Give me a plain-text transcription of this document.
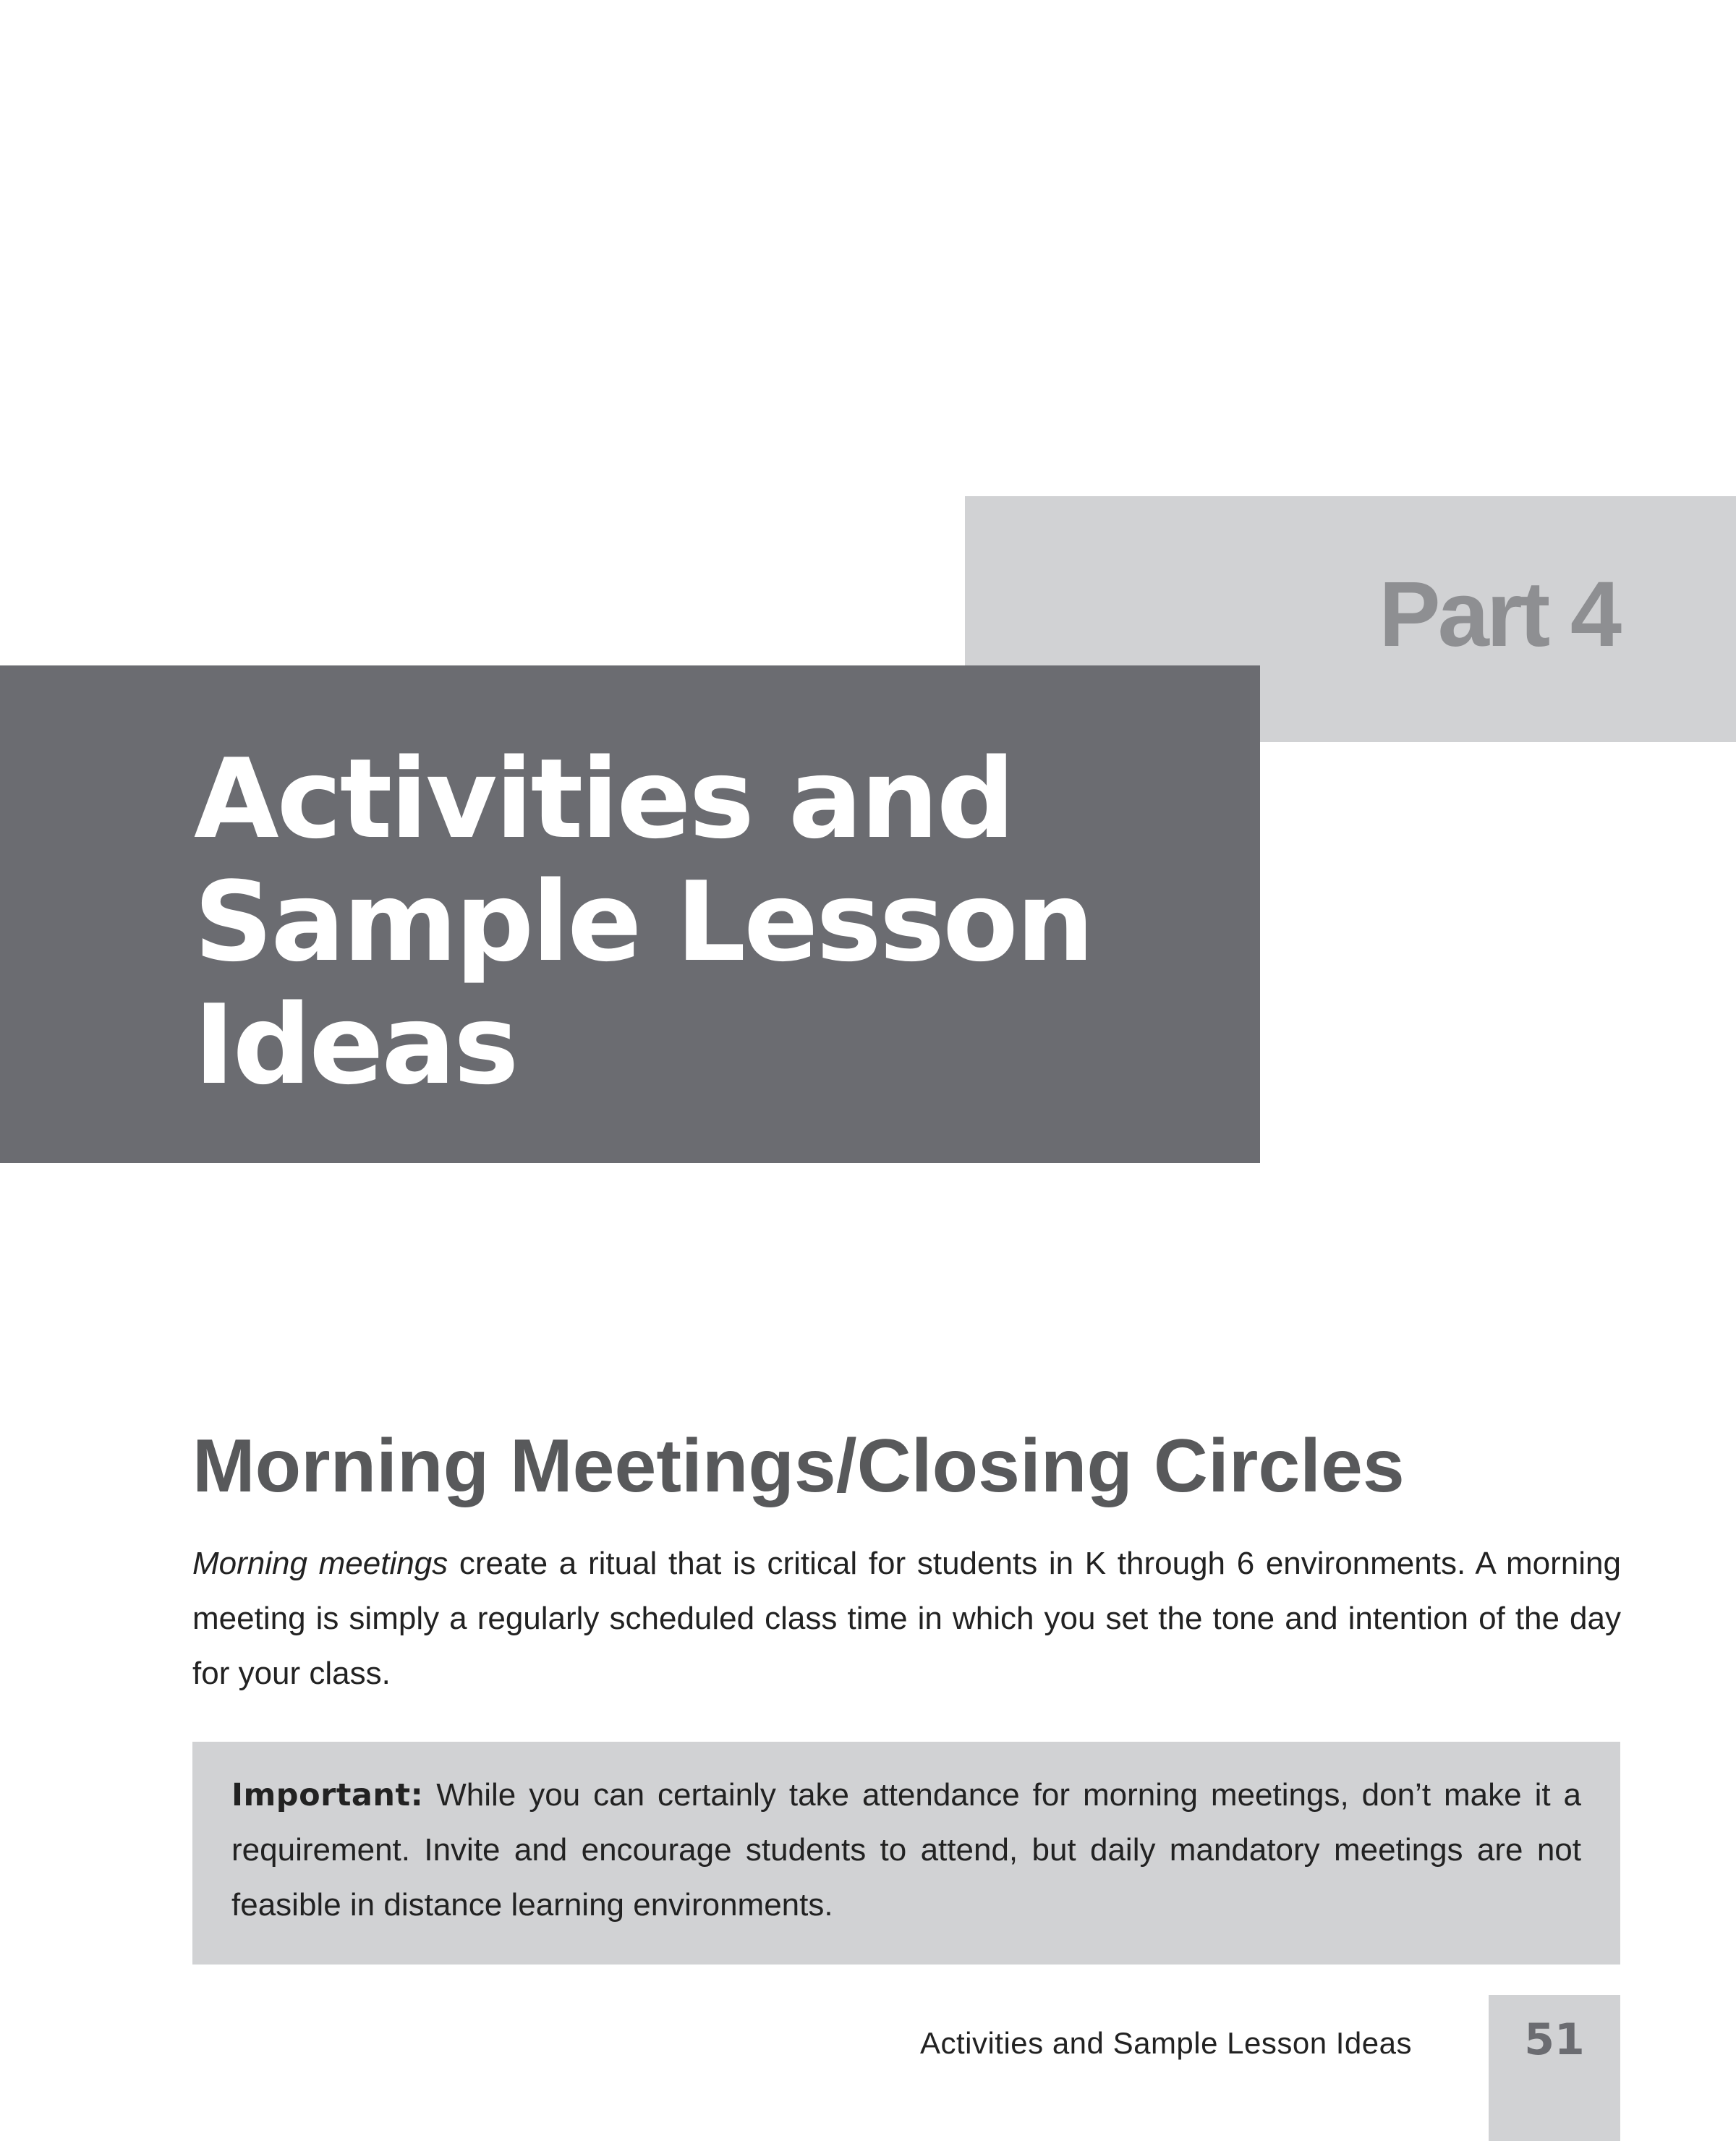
Part 4
Activities and
Sample Lesson
Ideas
Morning Meetings/Closing Circles

Morning meetings create a ritual that is critical for students in K through 6 environments. A morning meeting is simply a regularly scheduled class time in which you set the tone and intention of the day for your class.

Important: While you can certainly take attendance for morning meetings, don’t make it a requirement. Invite and encourage students to attend, but daily mandatory meetings are not feasible in distance learning environments.

Activities and Sample Lesson Ideas	51
